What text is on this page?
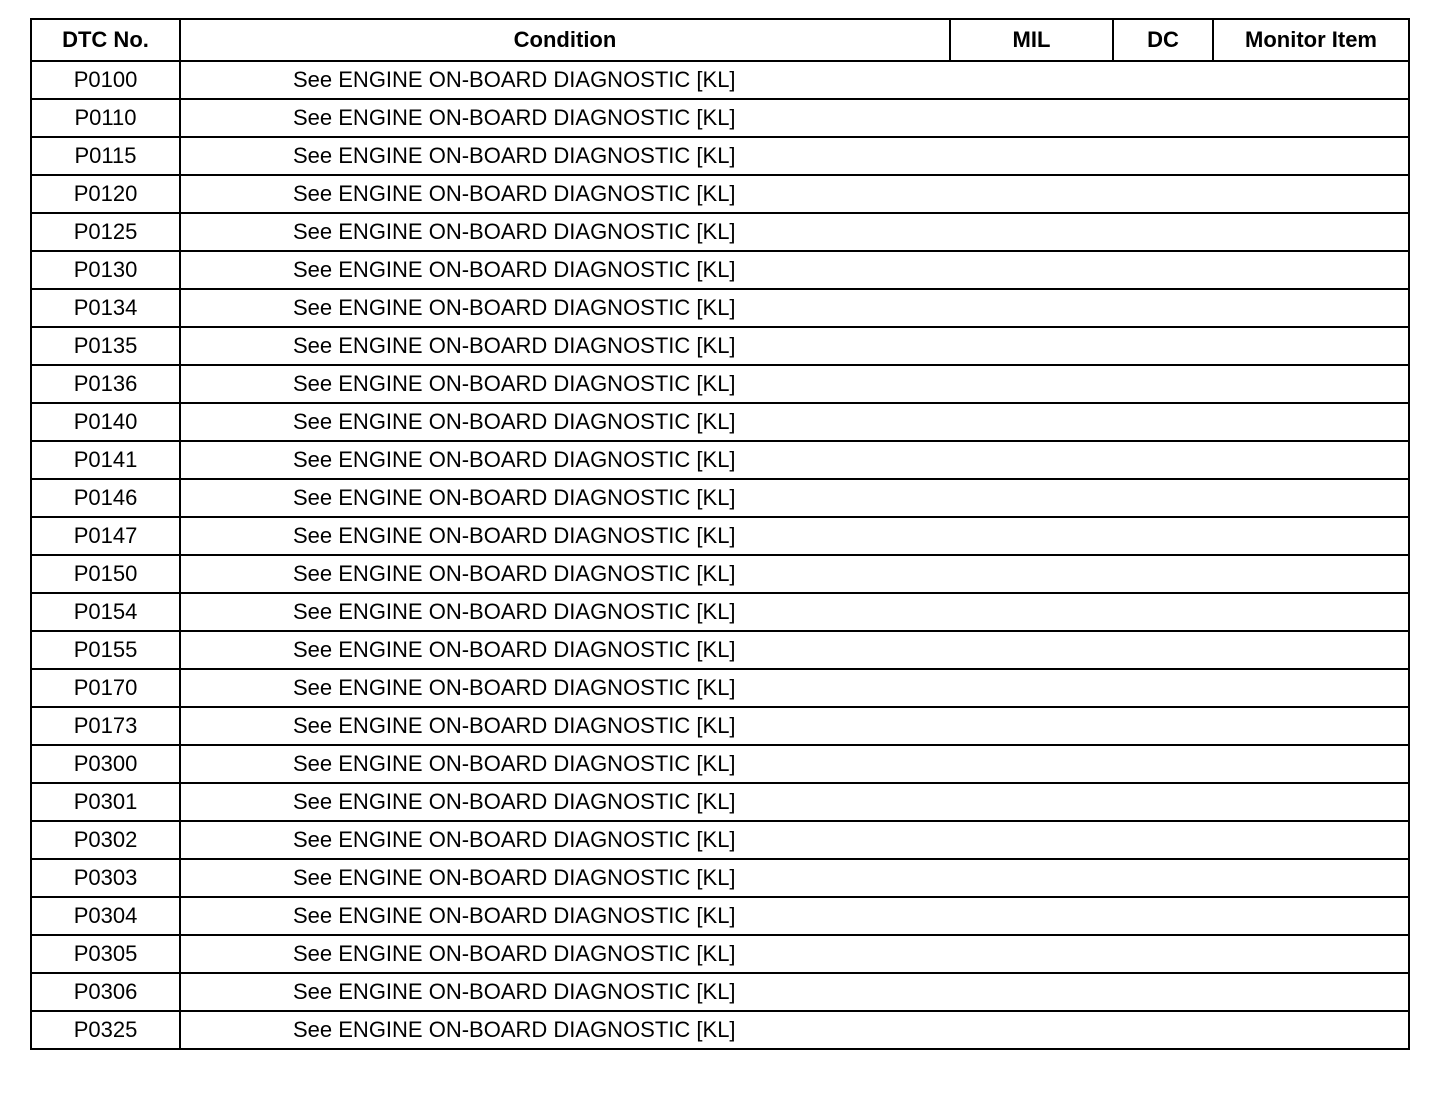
DTC No.	Condition	MIL	DC	Monitor Item
P0100	See ENGINE ON-BOARD DIAGNOSTIC [KL]			
P0110	See ENGINE ON-BOARD DIAGNOSTIC [KL]			
P0115	See ENGINE ON-BOARD DIAGNOSTIC [KL]			
P0120	See ENGINE ON-BOARD DIAGNOSTIC [KL]			
P0125	See ENGINE ON-BOARD DIAGNOSTIC [KL]			
P0130	See ENGINE ON-BOARD DIAGNOSTIC [KL]			
P0134	See ENGINE ON-BOARD DIAGNOSTIC [KL]			
P0135	See ENGINE ON-BOARD DIAGNOSTIC [KL]			
P0136	See ENGINE ON-BOARD DIAGNOSTIC [KL]			
P0140	See ENGINE ON-BOARD DIAGNOSTIC [KL]			
P0141	See ENGINE ON-BOARD DIAGNOSTIC [KL]			
P0146	See ENGINE ON-BOARD DIAGNOSTIC [KL]			
P0147	See ENGINE ON-BOARD DIAGNOSTIC [KL]			
P0150	See ENGINE ON-BOARD DIAGNOSTIC [KL]			
P0154	See ENGINE ON-BOARD DIAGNOSTIC [KL]			
P0155	See ENGINE ON-BOARD DIAGNOSTIC [KL]			
P0170	See ENGINE ON-BOARD DIAGNOSTIC [KL]			
P0173	See ENGINE ON-BOARD DIAGNOSTIC [KL]			
P0300	See ENGINE ON-BOARD DIAGNOSTIC [KL]			
P0301	See ENGINE ON-BOARD DIAGNOSTIC [KL]			
P0302	See ENGINE ON-BOARD DIAGNOSTIC [KL]			
P0303	See ENGINE ON-BOARD DIAGNOSTIC [KL]			
P0304	See ENGINE ON-BOARD DIAGNOSTIC [KL]			
P0305	See ENGINE ON-BOARD DIAGNOSTIC [KL]			
P0306	See ENGINE ON-BOARD DIAGNOSTIC [KL]			
P0325	See ENGINE ON-BOARD DIAGNOSTIC [KL]			
